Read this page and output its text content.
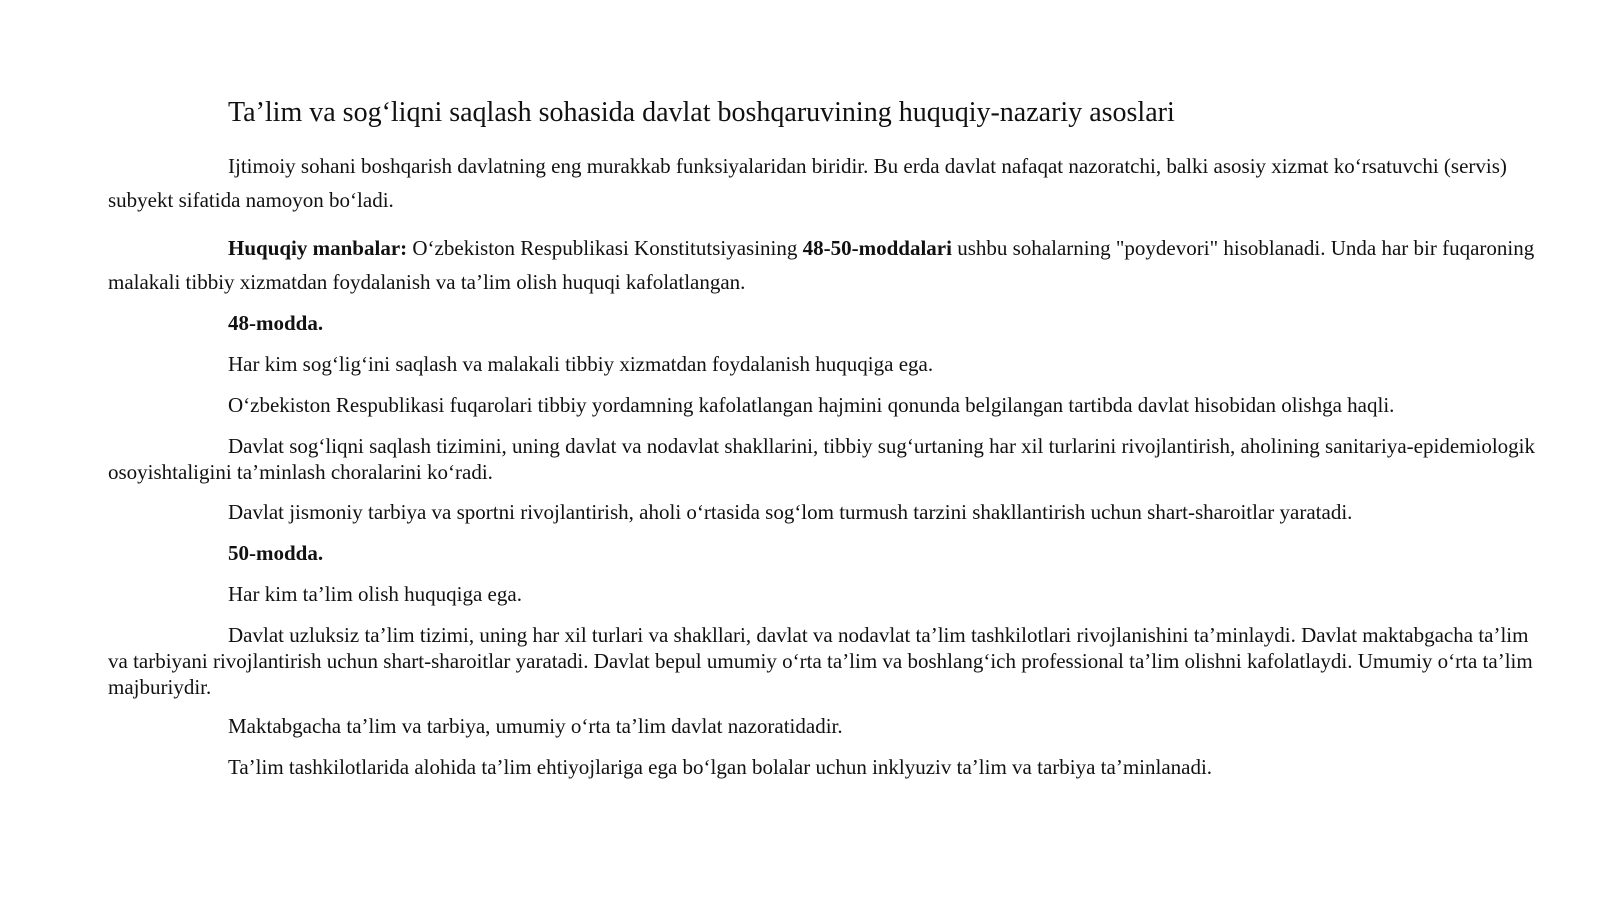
Ta’lim va sog‘liqni saqlash sohasida davlat boshqaruvining huquqiy-nazariy asoslari

Ijtimoiy sohani boshqarish davlatning eng murakkab funksiyalaridan biridir. Bu erda davlat nafaqat nazoratchi, balki asosiy xizmat ko‘rsatuvchi (servis) subyekt sifatida namoyon bo‘ladi.

Huquqiy manbalar: O‘zbekiston Respublikasi Konstitutsiyasining 48-50-moddalari ushbu sohalarning "poydevori" hisoblanadi. Unda har bir fuqaroning malakali tibbiy xizmatdan foydalanish va ta’lim olish huquqi kafolatlangan.

48-modda.

Har kim sog‘lig‘ini saqlash va malakali tibbiy xizmatdan foydalanish huquqiga ega.

O‘zbekiston Respublikasi fuqarolari tibbiy yordamning kafolatlangan hajmini qonunda belgilangan tartibda davlat hisobidan olishga haqli.

Davlat sog‘liqni saqlash tizimini, uning davlat va nodavlat shakllarini, tibbiy sug‘urtaning har xil turlarini rivojlantirish, aholining sanitariya-epidemiologik osoyishtaligini ta’minlash choralarini ko‘radi.

Davlat jismoniy tarbiya va sportni rivojlantirish, aholi o‘rtasida sog‘lom turmush tarzini shakllantirish uchun shart-sharoitlar yaratadi.

50-modda.

Har kim ta’lim olish huquqiga ega.

Davlat uzluksiz ta’lim tizimi, uning har xil turlari va shakllari, davlat va nodavlat ta’lim tashkilotlari rivojlanishini ta’minlaydi. Davlat maktabgacha ta’lim va tarbiyani rivojlantirish uchun shart-sharoitlar yaratadi. Davlat bepul umumiy o‘rta ta’lim va boshlang‘ich professional ta’lim olishni kafolatlaydi. Umumiy o‘rta ta’lim majburiydir.

Maktabgacha ta’lim va tarbiya, umumiy o‘rta ta’lim davlat nazoratidadir.

Ta’lim tashkilotlarida alohida ta’lim ehtiyojlariga ega bo‘lgan bolalar uchun inklyuziv ta’lim va tarbiya ta’minlanadi.
